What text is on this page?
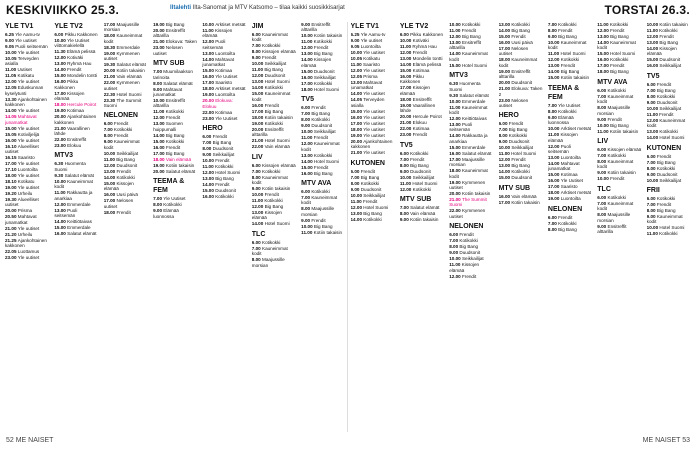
KESKIVIIKKO 25.3.	Iltalehti Ilta-Sanomat ja MTV Katsomo – tilaa kaikki suosikkisarjat	TORSTAI 26.3.
YLE TV1
6.25 Yle Aamu-tv
9.00 Yle uutiset
9.05 Puoli seitsemän
10.00 Yle uutiset
10.05 Terveyden asialla
11.00 Uutiset
11.05 Kotikatu
12.00 Yle uutiset
12.05 Eduskunnan kyselytunti
13.30 Ajankohtainen kakkonen
14.00 Yle uutiset
14.05 Mahtavat junamatkat
15.00 Yle uutiset
15.05 Kotiviljelijä
16.00 Yle uutiset
16.10 Alueelliset uutiset
16.15 Saaristo
17.00 Yle uutiset
17.10 Luontoilta
18.00 Yle uutiset
18.10 Kotikatu
19.00 Yle uutiset
19.20 Urheilu
19.30 Alueelliset uutiset
20.00 Prisma
20.50 Mahtavat junamatkat
21.00 Yle uutiset
21.20 Urheilu
21.25 Ajankohtainen kakkonen
22.05 Luottamus
23.00 Yle uutiset
YLE TV2
6.00 Pikku Kakkonen
10.00 Yle Uutiset viittomakielellä
11.30 Elämä pelissä
12.00 Kotiväki
13.00 Ryhmä Hau
14.00 Frendit
15.00 Mondelin tontti
16.00 Pikku Kakkonen
17.00 Kissojen elämää
18.00 Hercule Poirot
19.00 Kotimaa
20.00 Ajankohtainen kakkonen
21.00 Vaarallinen lähde
22.00 Ensitreffit
23.00 Elokuu
MTV3
6.30 Huomenta Suomi
9.30 Salatut elämät
10.00 Kauneimmat kodit
11.00 Rakkautta ja anarkiaa
12.00 Emmerdale
13.00 Puoli seitsemän
14.00 Keittiötaivas
15.00 Emmerdale
16.00 Salatut elämät
17.00 Maajussille morsian
18.00 Kauneimmat kodit
18.30 Emmerdale
19.00 Kymmenen uutiset
19.30 Salatut elämät
20.00 Kotiin takaisin
21.00 Vain elämää
22.00 Kymmenen uutiset
22.30 Hotel Suomi
23.30 The Summit Suomi
NELONEN
6.00 Frendit
7.00 Kotikokki
8.00 Frendit
9.00 Kauneimmat kodit
10.00 Seikkailijat
11.00 Big Bang
12.00 Duudsonit
13.00 Frendit
14.00 Kotikokki
15.00 Kissojen elämää
16.00 Uusi päivä
17.00 Nelosen uutiset
18.00 Frendit
19.00 Big Bang
20.00 Ensitreffit alttarilla
21.00 Elokuva: Taken
23.00 Nelosen uutiset
MTV SUB
7.00 Muumilaakson tarinoita
8.00 Salatut elämät
9.00 Mahtavat junamatkat
10.00 Ensitreffit alttarilla
11.00 Kotikokki
12.00 Frendit
13.00 Suomen huippumalli
14.00 Big Bang
15.00 Kotikokki
16.00 Frendit
17.00 Big Bang
18.00 Vain elämää
19.00 Kotiin takaisin
20.00 Salatut elämät
TEEMA & FEM
7.00 Yle Uutiset
8.00 Kotikokki
9.00 Elämää luonnossa
10.00 Arktiset metsät
11.00 Kissojen elämää
12.00 Puoli seitsemän
13.00 Luontoilta
14.00 Mahtavat junamatkat
15.00 Kotimaa
16.00 Yle Uutiset
17.00 Saaristo
18.00 Arktiset metsät
19.00 Luontoilta
20.00 Elokuva: Elokuu
22.00 Kotimaa
23.00 Yle Uutiset
HERO
6.00 Frendit
7.00 Big Bang
8.00 Duudsonit
9.00 Seikkailijat
10.00 Frendit
11.00 Kotikokki
12.00 Hotel Suomi
13.00 Big Bang
14.00 Frendit
15.00 Duudsonit
16.00 Kotikokki
JIM
6.00 Kauneimmat kodit
7.00 Kotikokki
8.00 Kissojen elämää
9.00 Frendit
10.00 Seikkailijat
11.00 Big Bang
12.00 Duudsonit
13.00 Hotel Suomi
14.00 Kotikokki
15.00 Kauneimmat kodit
16.00 Frendit
17.00 Big Bang
18.00 Kotiin takaisin
19.00 Kotikokki
20.00 Ensitreffit alttarilla
21.00 Hotel Suomi
22.00 Vain elämää
LIV
6.00 Kissojen elämää
7.00 Kotikokki
8.00 Kauneimmat kodit
9.00 Kotiin takaisin
10.00 Frendit
11.00 Kotikokki
12.00 Big Bang
13.00 Kissojen elämää
14.00 Hotel Suomi
TLC
6.00 Kotikokki
7.00 Kauneimmat kodit
8.00 Maajussille morsian
9.00 Ensitreffit alttarilla
10.00 Kotiin takaisin
11.00 Kotikokki
12.00 Frendit
13.00 Big Bang
14.00 Kissojen elämää
15.00 Duudsonit
16.00 Seikkailijat
17.00 Kotikokki
18.00 Hotel Suomi
TV5
6.00 Frendit
7.00 Big Bang
8.00 Kotikokki
9.00 Duudsonit
10.00 Seikkailijat
11.00 Frendit
12.00 Kauneimmat kodit
13.00 Kotikokki
14.00 Hotel Suomi
15.00 Frendit
16.00 Big Bang
MTV AVA
6.00 Kotikokki
7.00 Kauneimmat kodit
8.00 Maajussille morsian
9.00 Frendit
10.00 Big Bang
11.00 Kotiin takaisin
YLE TV1
6.25 Yle Aamu-tv
9.00 Yle uutiset
9.05 Luontoilta
10.00 Yle uutiset
10.05 Kotikatu
11.00 Saaristo
12.00 Yle uutiset
12.05 Prisma
13.00 Mahtavat junamatkat
14.00 Yle uutiset
14.05 Terveyden asialla
15.00 Yle uutiset
16.00 Yle uutiset
17.00 Yle uutiset
18.00 Yle uutiset
19.00 Yle uutiset
20.00 Ajankohtainen kakkonen
21.00 Yle uutiset
KUTONEN
6.00 Frendit
7.00 Big Bang
8.00 Kotikokki
9.00 Duudsonit
10.00 Seikkailijat
11.00 Frendit
12.00 Hotel Suomi
13.00 Big Bang
14.00 Kotikokki
YLE TV2
6.00 Pikku Kakkonen
10.00 Kotiväki
11.00 Ryhmä Hau
12.00 Frendit
13.00 Mondelin tontti
14.00 Elämä pelissä
15.00 Kotimaa
16.00 Pikku Kakkonen
17.00 Kissojen elämää
18.00 Ensitreffit
19.00 Vaarallinen lähde
20.00 Hercule Poirot
21.00 Elokuu
22.00 Kotimaa
23.00 Frendit
TV5
6.00 Kotikokki
7.00 Frendit
8.00 Big Bang
9.00 Duudsonit
10.00 Seikkailijat
11.00 Hotel Suomi
12.00 Kotikokki
MTV SUB
7.00 Salatut elämät
8.00 Vain elämää
9.00 Kotiin takaisin
10.00 Kotikokki
11.00 Frendit
12.00 Big Bang
13.00 Ensitreffit alttarilla
14.00 Kauneimmat kodit
15.00 Hotel Suomi
MTV3
6.30 Huomenta Suomi
9.30 Salatut elämät
10.00 Emmerdale
11.00 Kauneimmat kodit
12.00 Keittiötaivas
13.00 Puoli seitsemän
14.00 Rakkautta ja anarkiaa
15.00 Emmerdale
16.00 Salatut elämät
17.00 Maajussille morsian
18.00 Kauneimmat kodit
19.00 Kymmenen uutiset
20.00 Kotiin takaisin
21.00 The Summit Suomi
22.00 Kymmenen uutiset
NELONEN
6.00 Frendit
7.00 Kotikokki
8.00 Big Bang
9.00 Duudsonit
10.00 Seikkailijat
11.00 Kissojen elämää
12.00 Frendit
13.00 Kotikokki
14.00 Big Bang
15.00 Frendit
16.00 Uusi päivä
17.00 Nelosen uutiset
18.00 Kauneimmat kodit
19.00 Ensitreffit alttarilla
20.00 Duudsonit
21.00 Elokuva: Taken 2
23.00 Nelosen uutiset
HERO
6.00 Frendit
7.00 Big Bang
8.00 Kotikokki
9.00 Duudsonit
10.00 Seikkailijat
11.00 Hotel Suomi
12.00 Frendit
13.00 Big Bang
14.00 Kotikokki
15.00 Duudsonit
MTV SUB
16.00 Vain elämää
17.00 Kotiin takaisin
7.00 Kotikokki
8.00 Frendit
9.00 Big Bang
10.00 Kauneimmat kodit
11.00 Hotel Suomi
12.00 Kotikokki
13.00 Frendit
14.00 Big Bang
15.00 Kotiin takaisin
TEEMA & FEM
7.00 Yle Uutiset
8.00 Kotikokki
9.00 Elämää luonnossa
10.00 Arktiset metsät
11.00 Kissojen elämää
12.00 Puoli seitsemän
13.00 Luontoilta
14.00 Mahtavat junamatkat
15.00 Kotimaa
16.00 Yle Uutiset
17.00 Saaristo
18.00 Arktiset metsät
19.00 Luontoilta
NELONEN
6.00 Frendit
7.00 Kotikokki
8.00 Big Bang
11.00 Kotikokki
12.00 Frendit
13.00 Big Bang
14.00 Kauneimmat kodit
15.00 Hotel Suomi
16.00 Kotikokki
17.00 Frendit
18.00 Big Bang
MTV AVA
6.00 Kotikokki
7.00 Kauneimmat kodit
8.00 Maajussille morsian
9.00 Frendit
10.00 Big Bang
11.00 Kotiin takaisin
LIV
6.00 Kissojen elämää
7.00 Kotikokki
8.00 Kauneimmat kodit
9.00 Kotiin takaisin
10.00 Frendit
TLC
6.00 Kotikokki
7.00 Kauneimmat kodit
8.00 Maajussille morsian
9.00 Ensitreffit alttarilla
10.00 Kotiin takaisin
11.00 Kotikokki
12.00 Frendit
13.00 Big Bang
14.00 Kissojen elämää
15.00 Duudsonit
16.00 Seikkailijat
TV5
6.00 Frendit
7.00 Big Bang
8.00 Kotikokki
9.00 Duudsonit
10.00 Seikkailijat
11.00 Frendit
12.00 Kauneimmat kodit
13.00 Kotikokki
14.00 Hotel Suomi
KUTONEN
6.00 Frendit
7.00 Big Bang
8.00 Kotikokki
9.00 Duudsonit
10.00 Seikkailijat
FRII
6.00 Kotikokki
7.00 Frendit
8.00 Big Bang
9.00 Kauneimmat kodit
10.00 Hotel Suomi
11.00 Kotikokki
52 ME NAISET	ME NAISET 53
